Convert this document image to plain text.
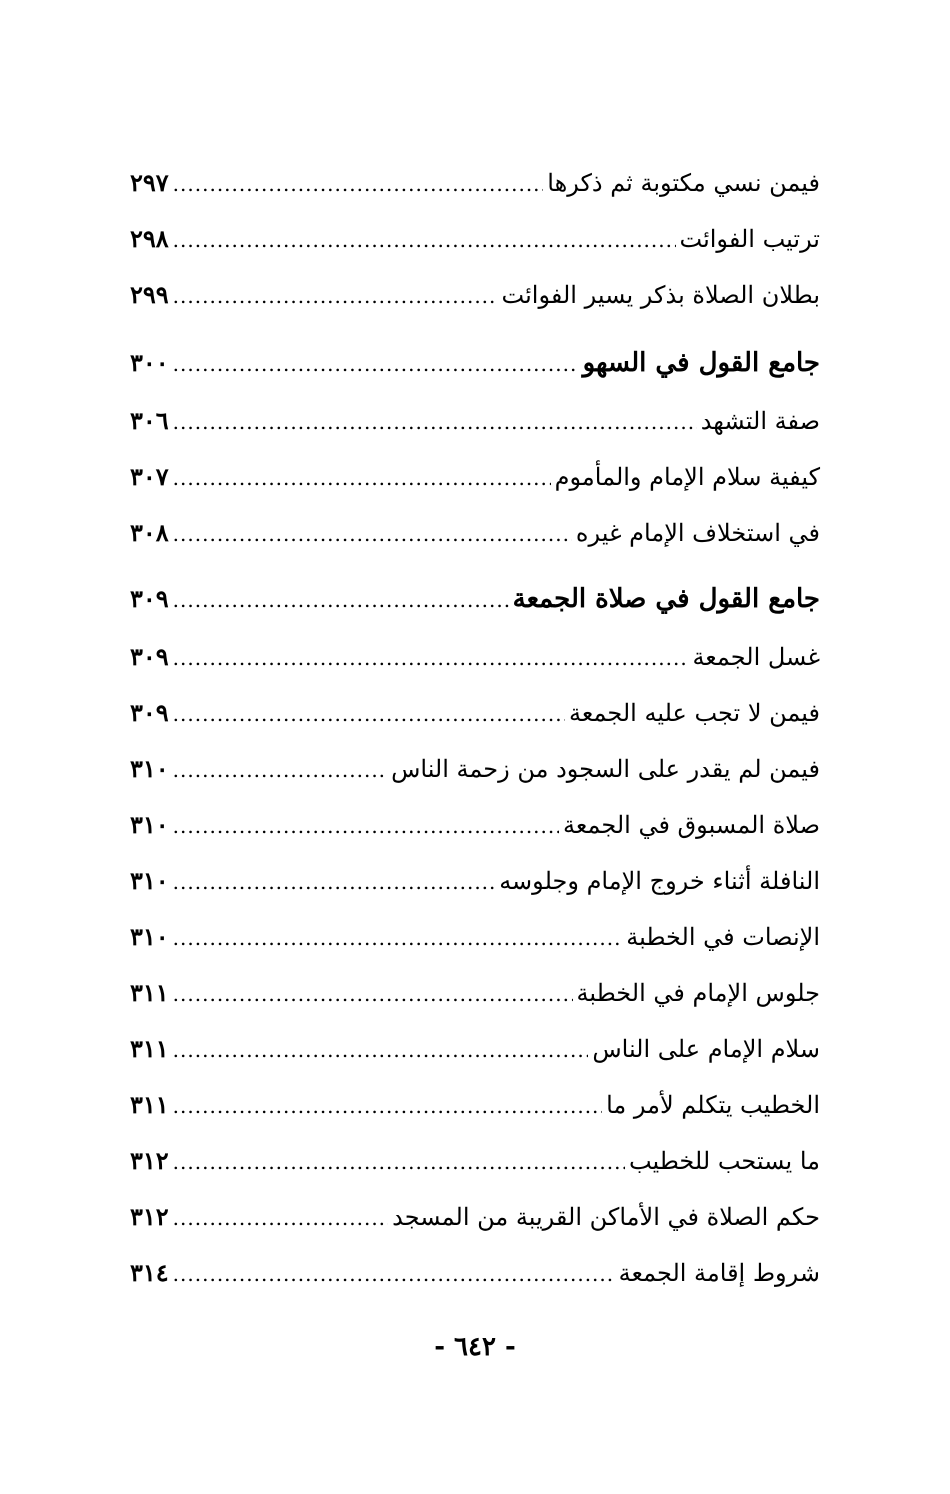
فيمن نسي مكتوبة ثم ذكرها
.....
٢٩٧
ترتيب الفوائت
.....
٢٩٨
بطلان الصلاة بذكر يسير الفوائت
.....
٢٩٩
جامع القول في السهو
.....
٣٠٠
صفة التشهد
.....
٣٠٦
كيفية سلام الإمام والمأموم
.....
٣٠٧
في استخلاف الإمام غيره
.....
٣٠٨
جامع القول في صلاة الجمعة
.....
٣٠٩
غسل الجمعة
.....
٣٠٩
فيمن لا تجب عليه الجمعة
.....
٣٠٩
فيمن لم يقدر على السجود من زحمة الناس
.....
٣١٠
صلاة المسبوق في الجمعة
.....
٣١٠
النافلة أثناء خروج الإمام وجلوسه
.....
٣١٠
الإنصات في الخطبة
.....
٣١٠
جلوس الإمام في الخطبة
.....
٣١١
سلام الإمام على الناس
.....
٣١١
الخطيب يتكلم لأمر ما
.....
٣١١
ما يستحب للخطيب
.....
٣١٢
حكم الصلاة في الأماكن القريبة من المسجد
.....
٣١٢
شروط إقامة الجمعة
.....
٣١٤
- ٦٤٢ -
